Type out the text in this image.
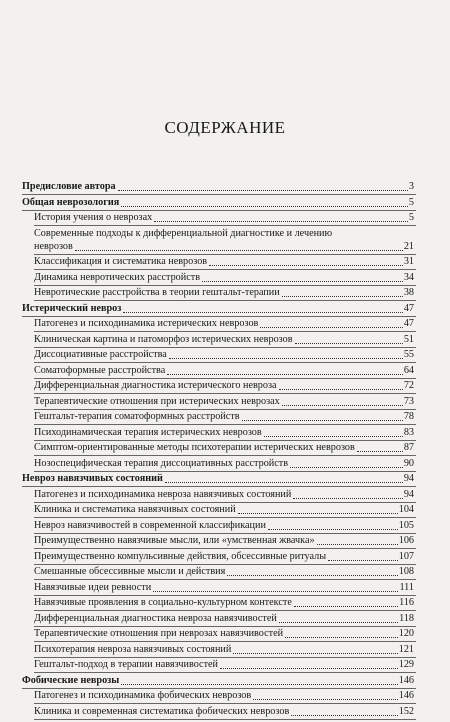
СОДЕРЖАНИЕ
Предисловие автора	3
Общая неврозология	5
История учения о неврозах	5
Современные подходы к дифференциальной диагностике и лечению
неврозов	21
Классификация и систематика неврозов	31
Динамика невротических расстройств	34
Невротические расстройства в теории гештальт-терапии	38
Истерический невроз	47
Патогенез и психодинамика истерических неврозов	47
Клиническая картина и патоморфоз истерических неврозов	51
Диссоциативные расстройства	55
Соматоформные расстройства	64
Дифференциальная диагностика истерического невроза	72
Терапевтические отношения при истерических неврозах	73
Гештальт-терапия соматоформных расстройств	78
Психодинамическая терапия истерических неврозов	83
Симптом-ориентированные методы психотерапии истерических неврозов	87
Нозоспецифическая терапия диссоциативных расстройств	90
Невроз навязчивых состояний	94
Патогенез и психодинамика невроза навязчивых состояний	94
Клиника и систематика навязчивых состояний	104
Невроз навязчивостей в современной классификации	105
Преимущественно навязчивые мысли, или «умственная жвачка»	106
Преимущественно компульсивные действия, обсессивные ритуалы	107
Смешанные обсессивные мысли и действия	108
Навязчивые идеи ревности	111
Навязчивые проявления в социально-культурном контексте	116
Дифференциальная диагностика невроза навязчивостей	118
Терапевтические отношения при неврозах навязчивостей	120
Психотерапия невроза навязчивых состояний	121
Гештальт-подход в терапии навязчивостей	129
Фобические неврозы	146
Патогенез и психодинамика фобических неврозов	146
Клиника и современная систематика фобических неврозов	152
